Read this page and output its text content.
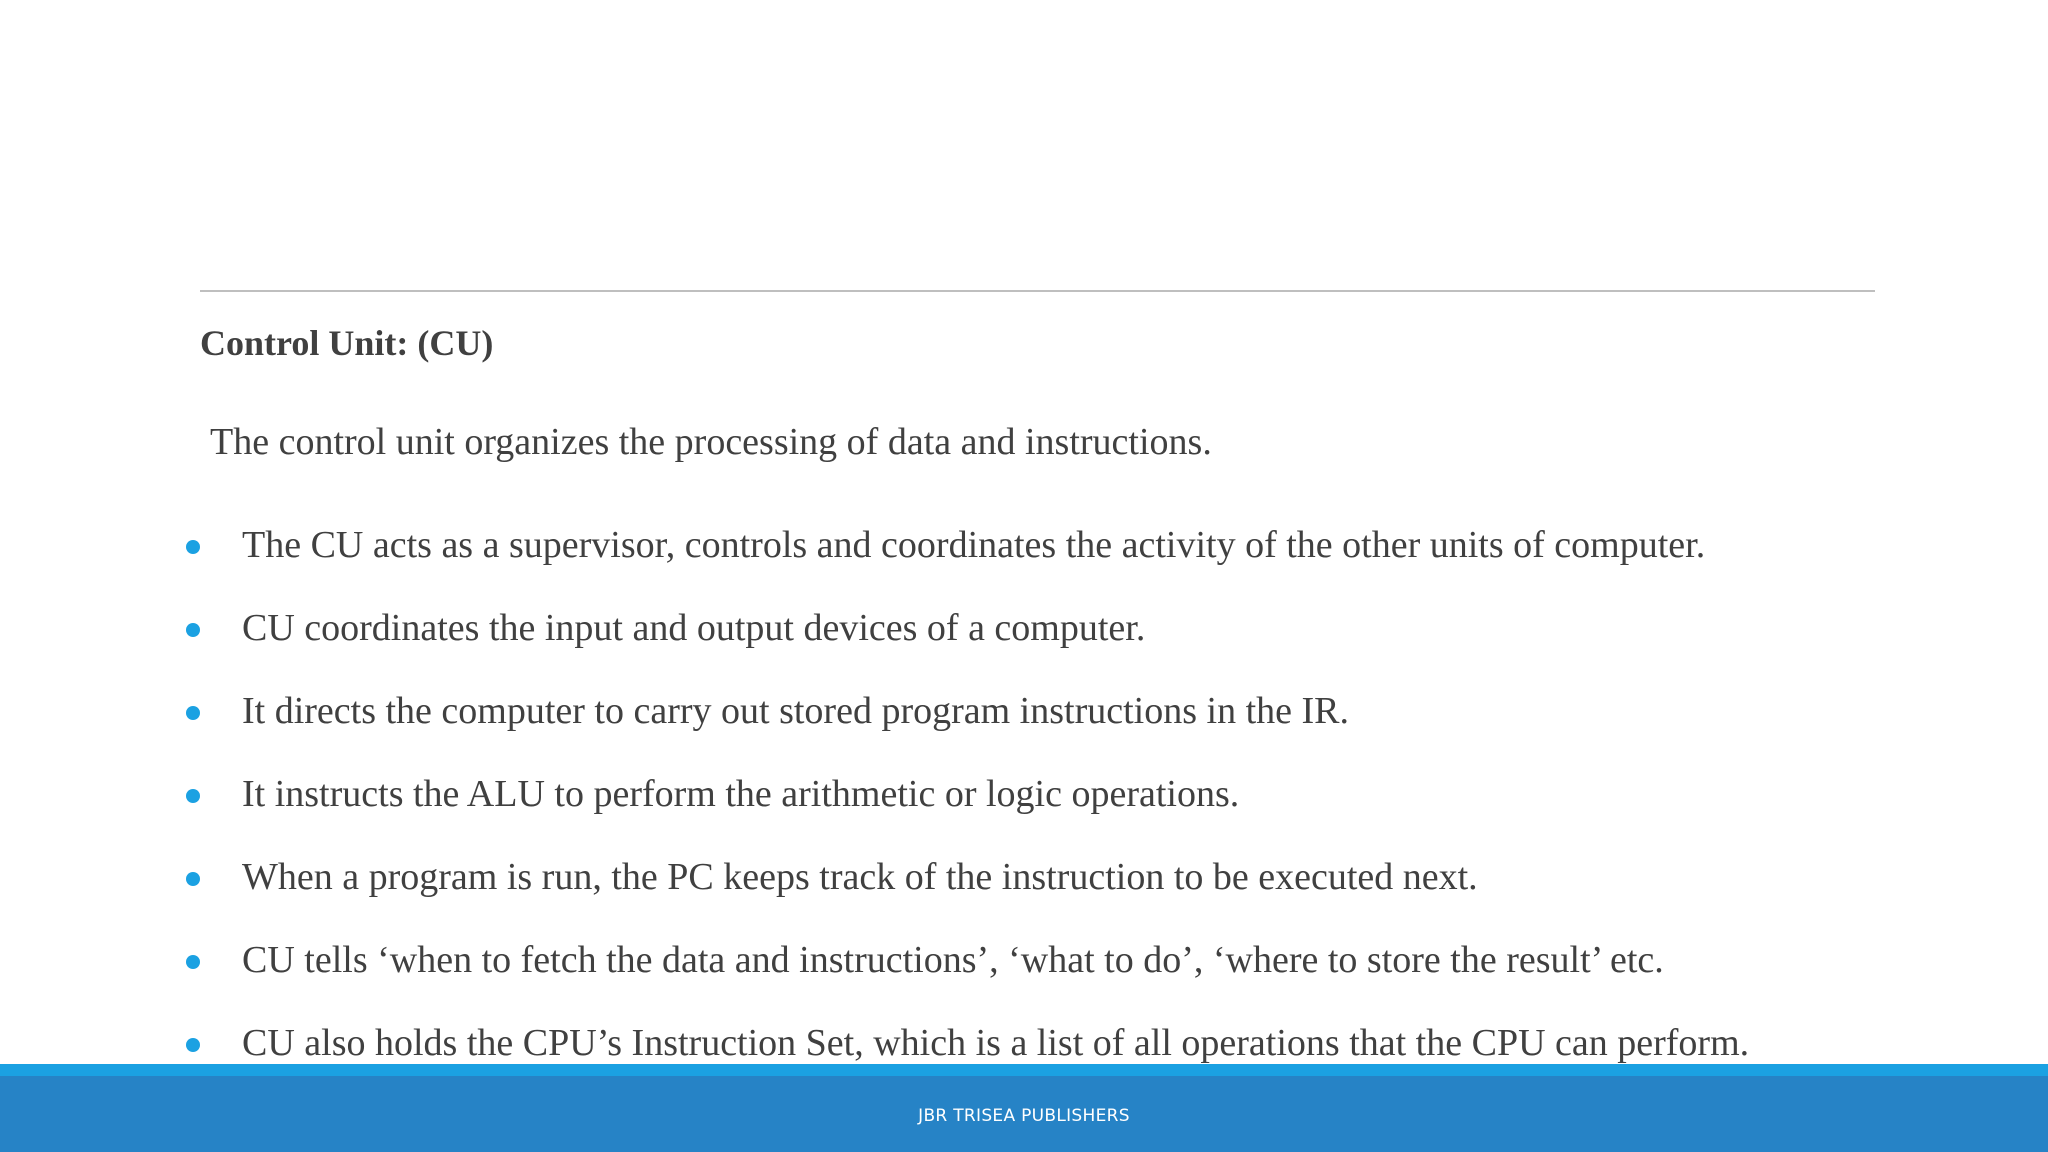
Control Unit: (CU)
The control unit organizes the processing of data and instructions.
The CU acts as a supervisor, controls and coordinates the activity of the other units of computer.
CU coordinates the input and output devices of a computer.
It directs the computer to carry out stored program instructions in the IR.
It instructs the ALU to perform the arithmetic or logic operations.
When a program is run, the PC keeps track of the instruction to be executed next.
CU tells ‘when to fetch the data and instructions’, ‘what to do’, ‘where to store the result’ etc.
CU also holds the CPU’s Instruction Set, which is a list of all operations that the CPU can perform.
JBR TRISEA PUBLISHERS
